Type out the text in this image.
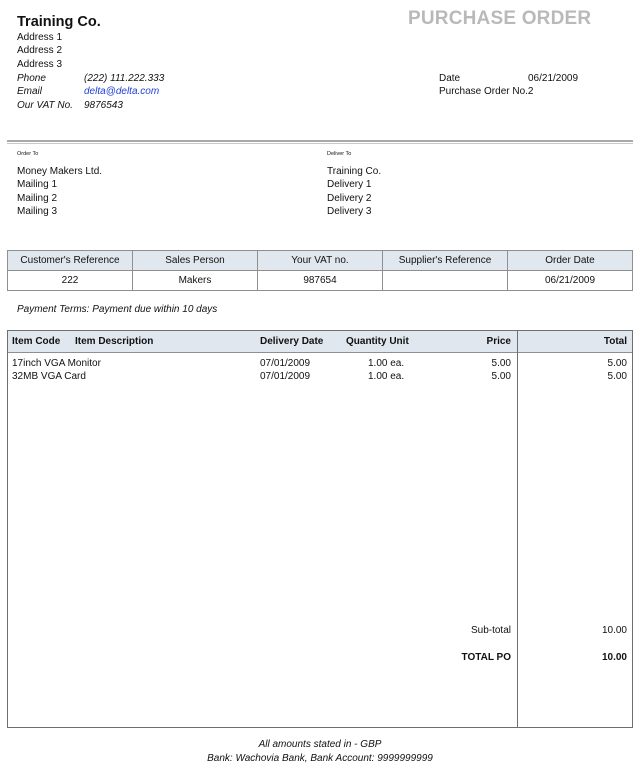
Training Co.
Address 1
Address 2
Address 3
Phone	(222) 111.222.333
Email	delta@delta.com
Our VAT No. 9876543
PURCHASE ORDER
Date	06/21/2009
Purchase Order No.2
Order To
Money Makers Ltd.
Mailing 1
Mailing 2
Mailing 3
Deliver To
Training Co.
Delivery 1
Delivery 2
Delivery 3
Customer's Reference	Sales Person	Your VAT no.	Supplier's Reference	Order Date
222	Makers	987654		06/21/2009
Payment Terms: Payment due within 10 days
Item Code Item Description	Delivery Date Quantity Unit	Price	Total
17inch VGA Monitor	07/01/2009	1.00 ea.	5.00	5.00
32MB VGA Card	07/01/2009	1.00 ea.	5.00	5.00
Sub-total	10.00
TOTAL PO	10.00
All amounts stated in - GBP
Bank: Wachovia Bank, Bank Account: 9999999999
